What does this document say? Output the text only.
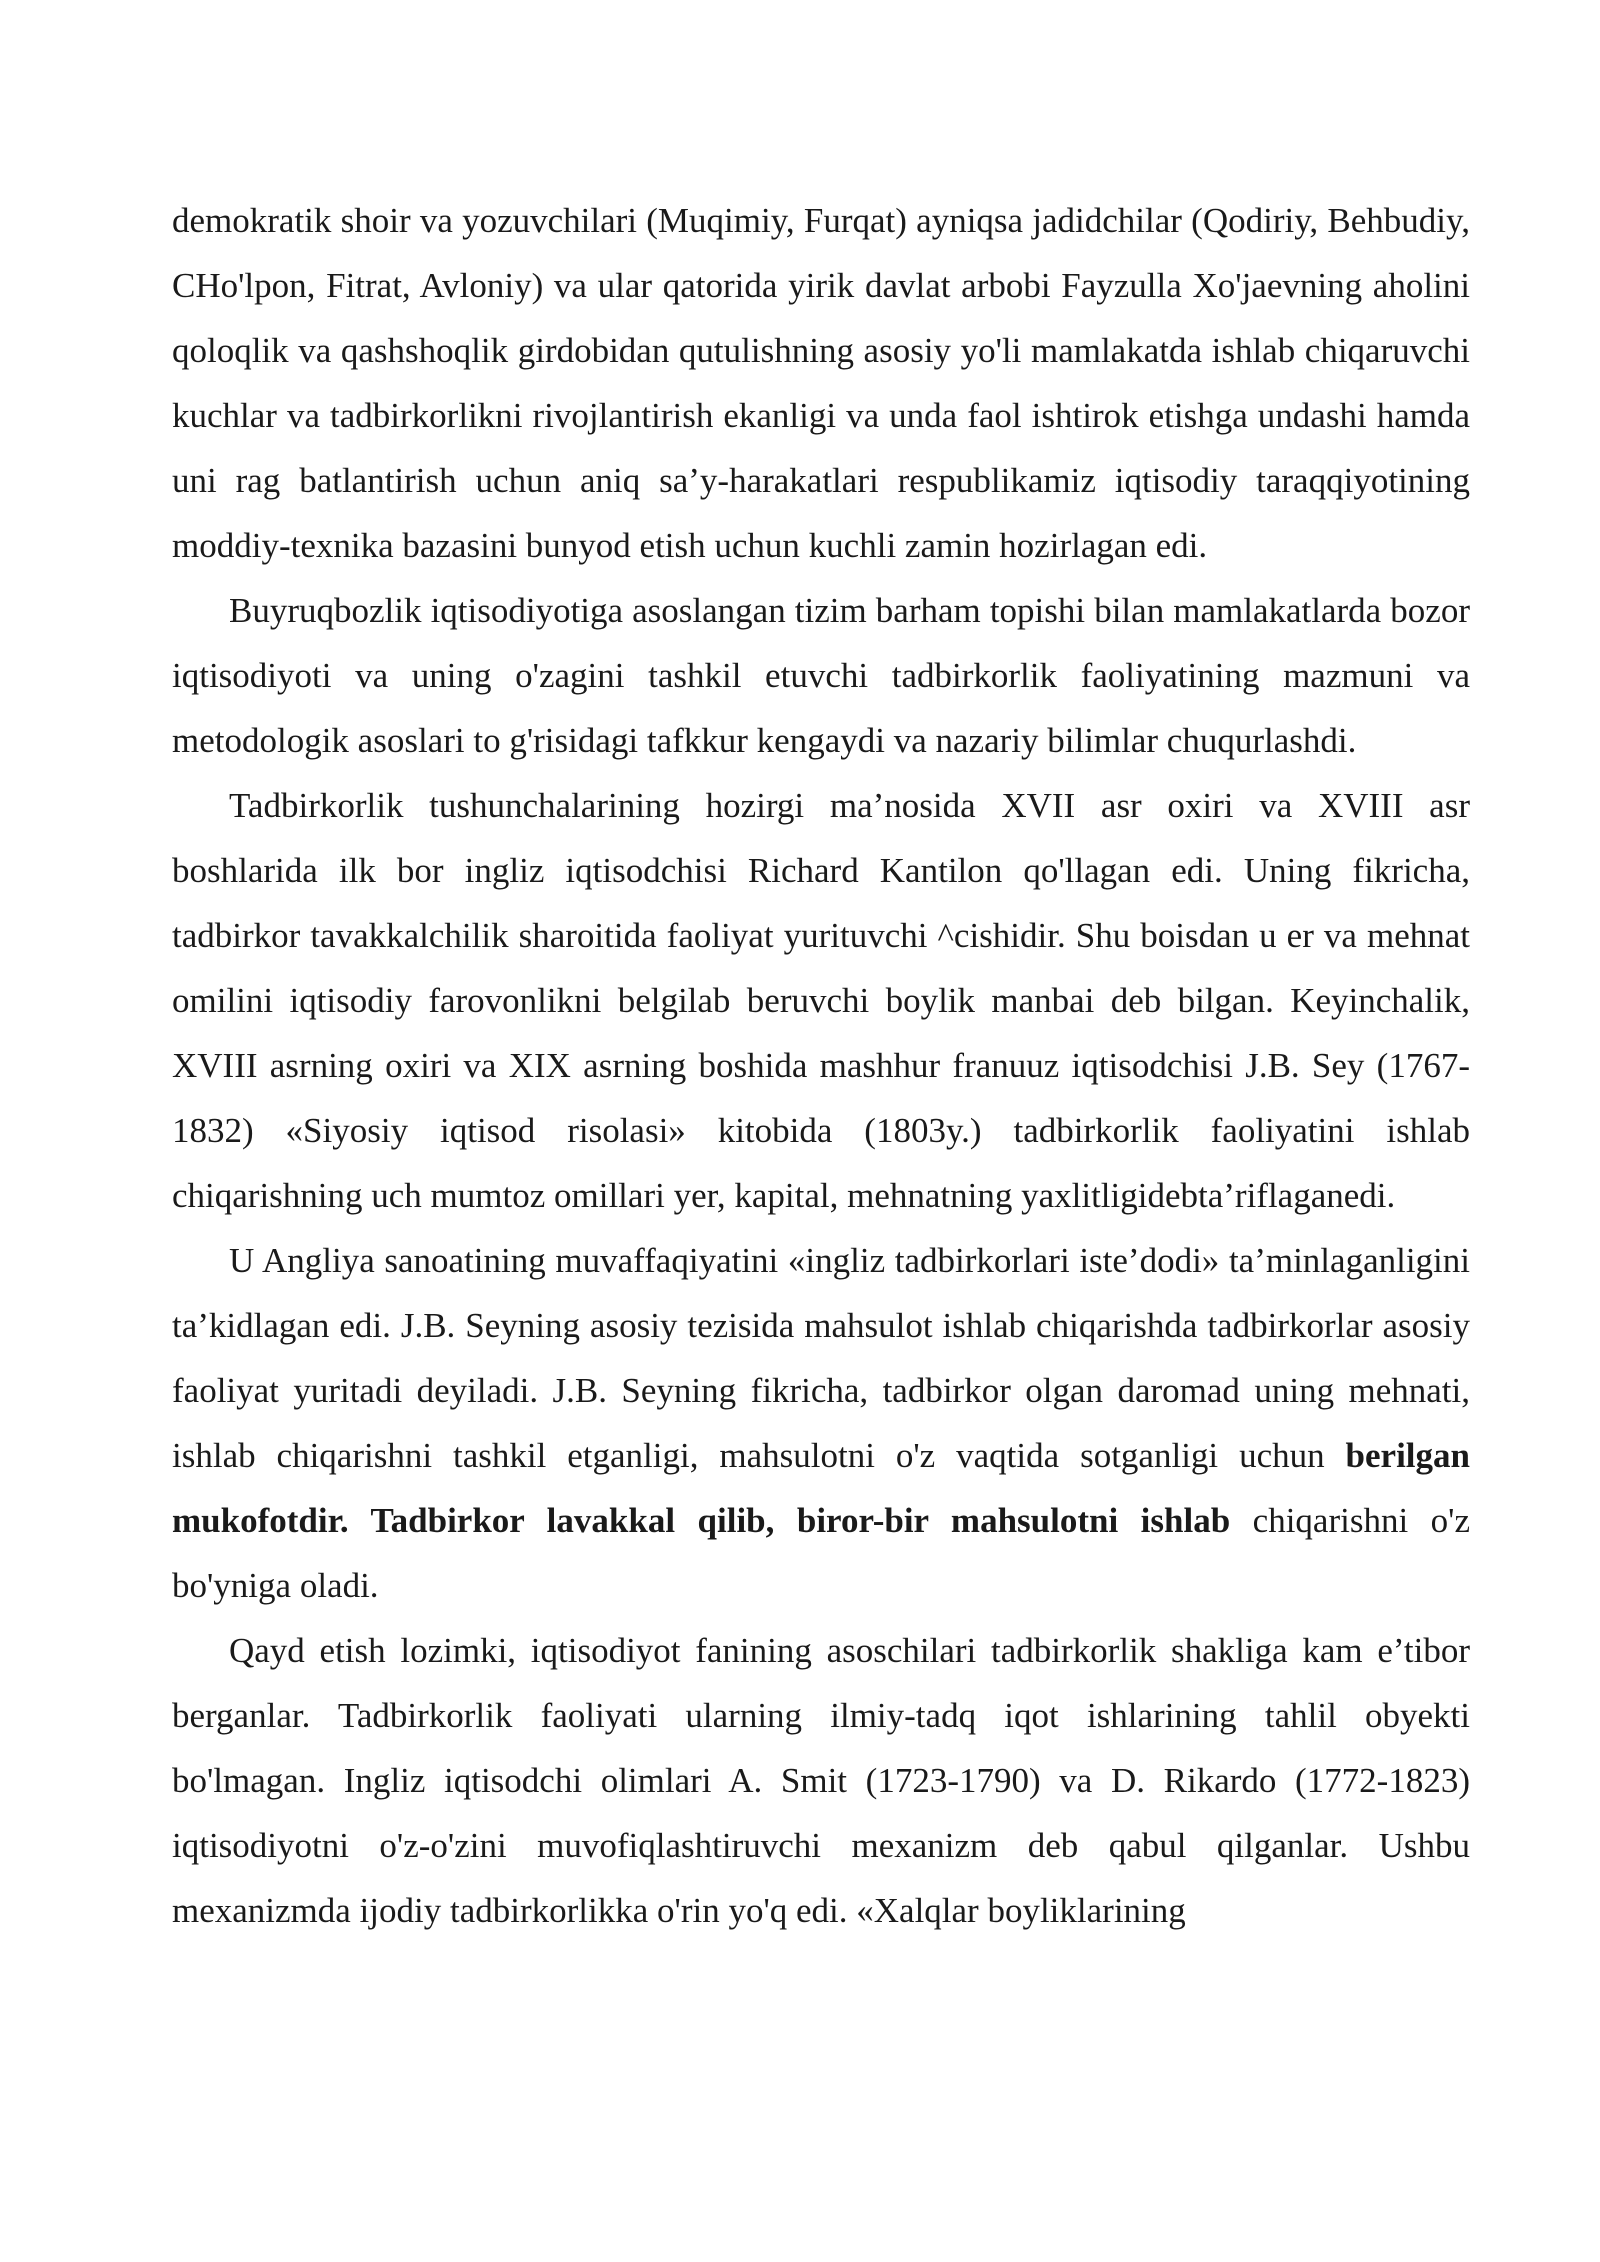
demokratik shoir va yozuvchilari (Muqimiy, Furqat) ayniqsa jadidchilar (Qodiriy, Behbudiy, CHo'lpon, Fitrat, Avloniy) va ular qatorida yirik davlat arbobi Fayzulla Xo'jaevning aholini qoloqlik va qashshoqlik girdobidan qutulishning asosiy yo'li mamlakatda ishlab chiqaruvchi kuchlar va tadbirkorlikni rivojlantirish ekanligi va unda faol ishtirok etishga undashi hamda uni rag batlantirish uchun aniq sa’y-harakatlari respublikamiz iqtisodiy taraqqiyotining moddiy-texnika bazasini bunyod etish uchun kuchli zamin hozirlagan edi.

Buyruqbozlik iqtisodiyotiga asoslangan tizim barham topishi bilan mamlakatlarda bozor iqtisodiyoti va uning o'zagini tashkil etuvchi tadbirkorlik faoliyatining mazmuni va metodologik asoslari to g'risidagi tafkkur kengaydi va nazariy bilimlar chuqurlashdi.

Tadbirkorlik tushunchalarining hozirgi ma’nosida XVII asr oxiri va XVIII asr boshlarida ilk bor ingliz iqtisodchisi Richard Kantilon qo'llagan edi. Uning fikricha, tadbirkor tavakkalchilik sharoitida faoliyat yurituvchi ^cishidir. Shu boisdan u er va mehnat omilini iqtisodiy farovonlikni belgilab beruvchi boylik manbai deb bilgan. Keyinchalik, XVIII asrning oxiri va XIX asrning boshida mashhur franuuz iqtisodchisi J.B. Sey (1767-1832) «Siyosiy iqtisod risolasi» kitobida (1803y.) tadbirkorlik faoliyatini ishlab chiqarishning uch mumtoz omillari yer, kapital, mehnatning yaxlitligidebta’riflaganedi.

U Angliya sanoatining muvaffaqiyatini «ingliz tadbirkorlari iste’dodi» ta’minlaganligini ta’kidlagan edi. J.B. Seyning asosiy tezisida mahsulot ishlab chiqarishda tadbirkorlar asosiy faoliyat yuritadi deyiladi. J.B. Seyning fikricha, tadbirkor olgan daromad uning mehnati, ishlab chiqarishni tashkil etganligi, mahsulotni o'z vaqtida sotganligi uchun berilgan mukofotdir. Tadbirkor lavakkal qilib, biror-bir mahsulotni ishlab chiqarishni o'z bo'yniga oladi.

Qayd etish lozimki, iqtisodiyot fanining asoschilari tadbirkorlik shakliga kam e’tibor berganlar. Tadbirkorlik faoliyati ularning ilmiy-tadq iqot ishlarining tahlil obyekti bo'lmagan. Ingliz iqtisodchi olimlari A. Smit (1723-1790) va D. Rikardo (1772-1823) iqtisodiyotni o'z-o'zini muvofiqlashtiruvchi mexanizm deb qabul qilganlar. Ushbu mexanizmda ijodiy tadbirkorlikka o'rin yo'q edi. «Xalqlar boyliklarining
